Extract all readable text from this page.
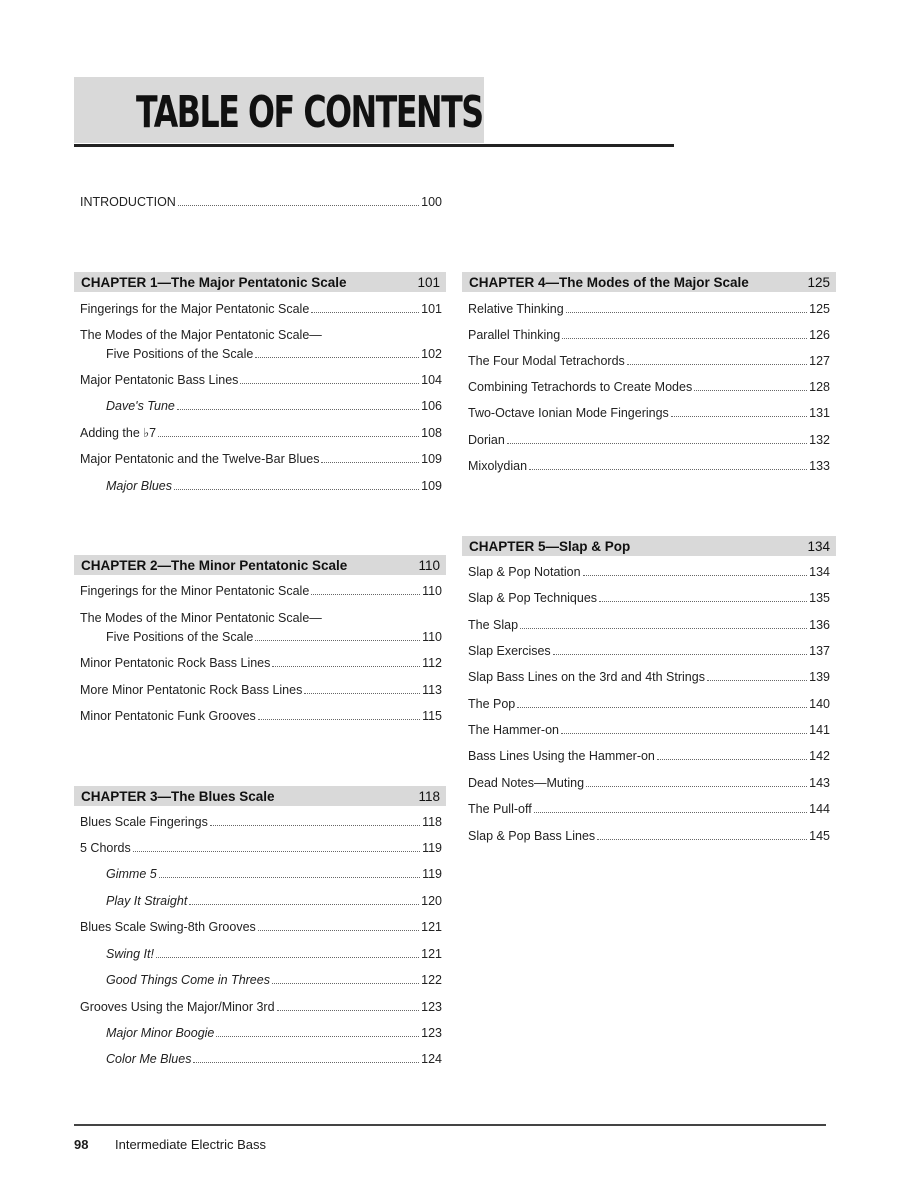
TABLE OF CONTENTS
INTRODUCTION	100
CHAPTER 1—The Major Pentatonic Scale	101
Fingerings for the Major Pentatonic Scale	101
The Modes of the Major Pentatonic Scale—
Five Positions of the Scale	102
Major Pentatonic Bass Lines	104
Dave's Tune	106
Adding the ♭7	108
Major Pentatonic and the Twelve-Bar Blues	109
Major Blues	109
CHAPTER 2—The Minor Pentatonic Scale	110
Fingerings for the Minor Pentatonic Scale	110
The Modes of the Minor Pentatonic Scale—
Five Positions of the Scale	110
Minor Pentatonic Rock Bass Lines	112
More Minor Pentatonic Rock Bass Lines	113
Minor Pentatonic Funk Grooves	115
CHAPTER 3—The Blues Scale	118
Blues Scale Fingerings	118
5 Chords	119
Gimme 5	119
Play It Straight	120
Blues Scale Swing-8th Grooves	121
Swing It!	121
Good Things Come in Threes	122
Grooves Using the Major/Minor 3rd	123
Major Minor Boogie	123
Color Me Blues	124
CHAPTER 4—The Modes of the Major Scale	125
Relative Thinking	125
Parallel Thinking	126
The Four Modal Tetrachords	127
Combining Tetrachords to Create Modes	128
Two-Octave Ionian Mode Fingerings	131
Dorian	132
Mixolydian	133
CHAPTER 5—Slap & Pop	134
Slap & Pop Notation	134
Slap & Pop Techniques	135
The Slap	136
Slap Exercises	137
Slap Bass Lines on the 3rd and 4th Strings	139
The Pop	140
The Hammer-on	141
Bass Lines Using the Hammer-on	142
Dead Notes—Muting	143
The Pull-off	144
Slap & Pop Bass Lines	145
98 Intermediate Electric Bass
